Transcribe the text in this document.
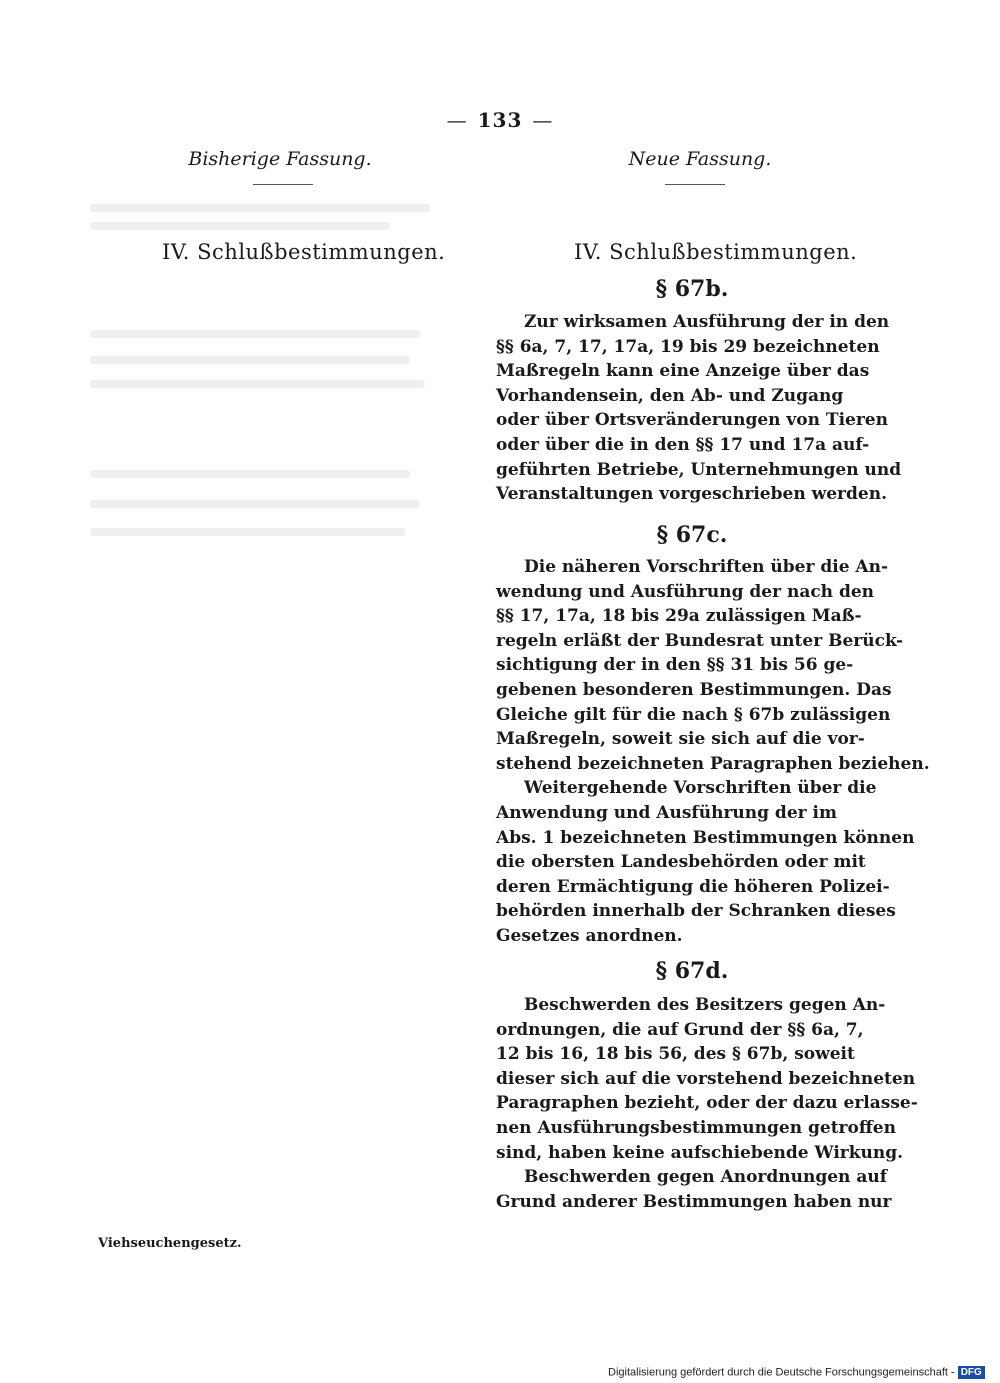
— 133 —
Bisherige Fassung.	Neue Fassung.
IV. Schlußbestimmungen.	IV. Schlußbestimmungen.
§ 67b.

Zur wirksamen Ausführung der in den
§§ 6a, 7, 17, 17a, 19 bis 29 bezeichneten
Maßregeln kann eine Anzeige über das
Vorhandensein, den Ab- und Zugang
oder über Ortsveränderungen von Tieren
oder über die in den §§ 17 und 17a auf-
geführten Betriebe, Unternehmungen und
Veranstaltungen vorgeschrieben werden.

§ 67c.

Die näheren Vorschriften über die An-
wendung und Ausführung der nach den
§§ 17, 17a, 18 bis 29a zulässigen Maß-
regeln erläßt der Bundesrat unter Berück-
sichtigung der in den §§ 31 bis 56 ge-
gebenen besonderen Bestimmungen. Das
Gleiche gilt für die nach § 67b zulässigen
Maßregeln, soweit sie sich auf die vor-
stehend bezeichneten Paragraphen beziehen.

Weitergehende Vorschriften über die
Anwendung und Ausführung der im
Abs. 1 bezeichneten Bestimmungen können
die obersten Landesbehörden oder mit
deren Ermächtigung die höheren Polizei-
behörden innerhalb der Schranken dieses
Gesetzes anordnen.

§ 67d.

Beschwerden des Besitzers gegen An-
ordnungen, die auf Grund der §§ 6a, 7,
12 bis 16, 18 bis 56, des § 67b, soweit
dieser sich auf die vorstehend bezeichneten
Paragraphen bezieht, oder der dazu erlasse-
nen Ausführungsbestimmungen getroffen
sind, haben keine aufschiebende Wirkung.

Beschwerden gegen Anordnungen auf
Grund anderer Bestimmungen haben nur

Viehseuchengesetz.
Digitalisierung gefördert durch die Deutsche Forschungsgemeinschaft - DFG
